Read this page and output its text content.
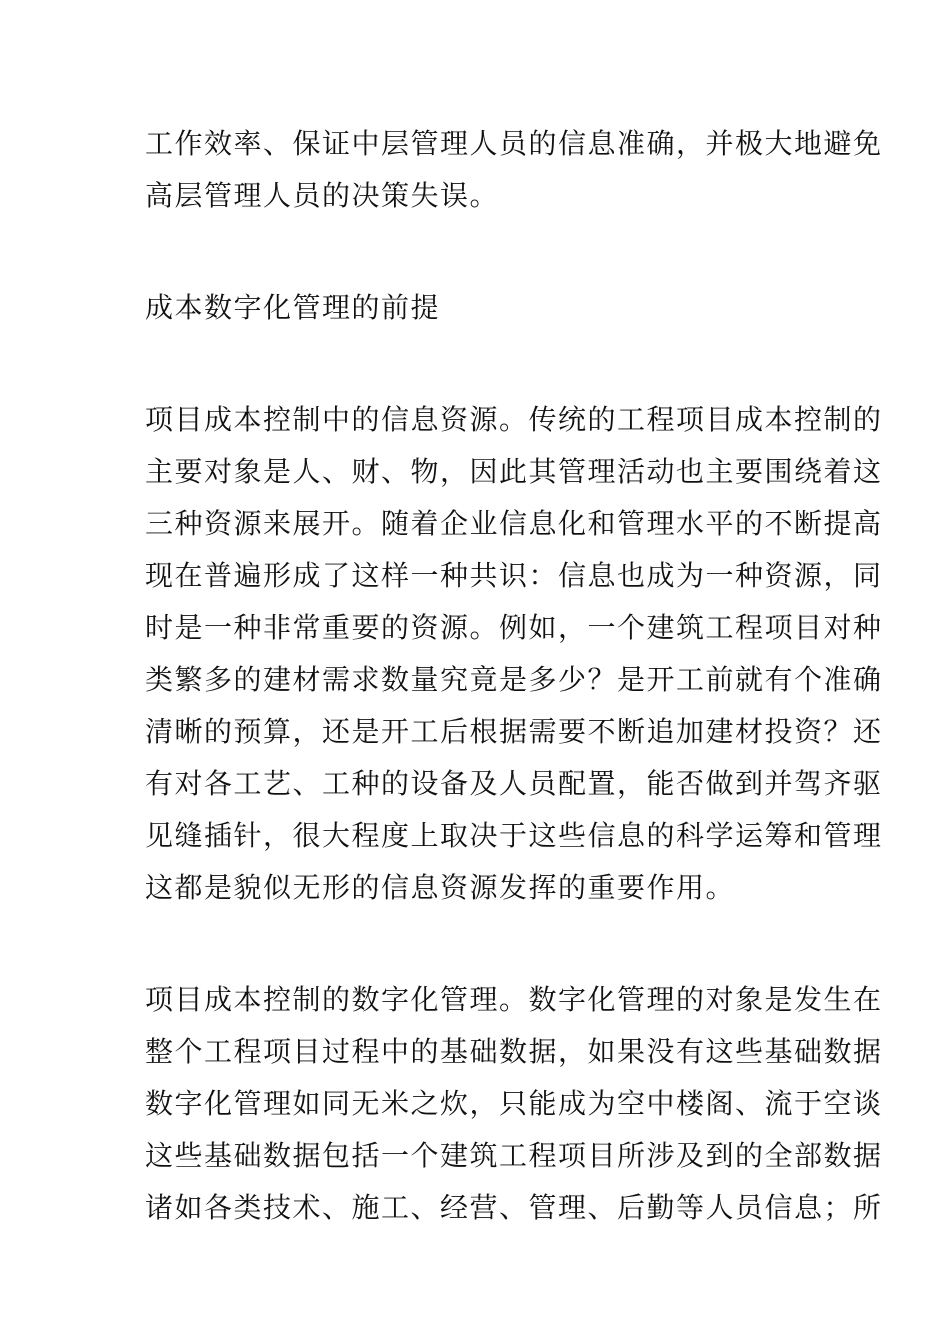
工作效率、保证中层管理人员的信息准确，并极大地避免
高层管理人员的决策失误。
成本数字化管理的前提
项目成本控制中的信息资源。传统的工程项目成本控制的
主要对象是人、财、物，因此其管理活动也主要围绕着这
三种资源来展开。随着企业信息化和管理水平的不断提高
现在普遍形成了这样一种共识：信息也成为一种资源，同
时是一种非常重要的资源。例如，一个建筑工程项目对种
类繁多的建材需求数量究竟是多少？是开工前就有个准确
清晰的预算，还是开工后根据需要不断追加建材投资？还
有对各工艺、工种的设备及人员配置，能否做到并驾齐驱
见缝插针，很大程度上取决于这些信息的科学运筹和管理
这都是貌似无形的信息资源发挥的重要作用。
项目成本控制的数字化管理。数字化管理的对象是发生在
整个工程项目过程中的基础数据，如果没有这些基础数据
数字化管理如同无米之炊，只能成为空中楼阁、流于空谈
这些基础数据包括一个建筑工程项目所涉及到的全部数据
诸如各类技术、施工、经营、管理、后勤等人员信息；所
